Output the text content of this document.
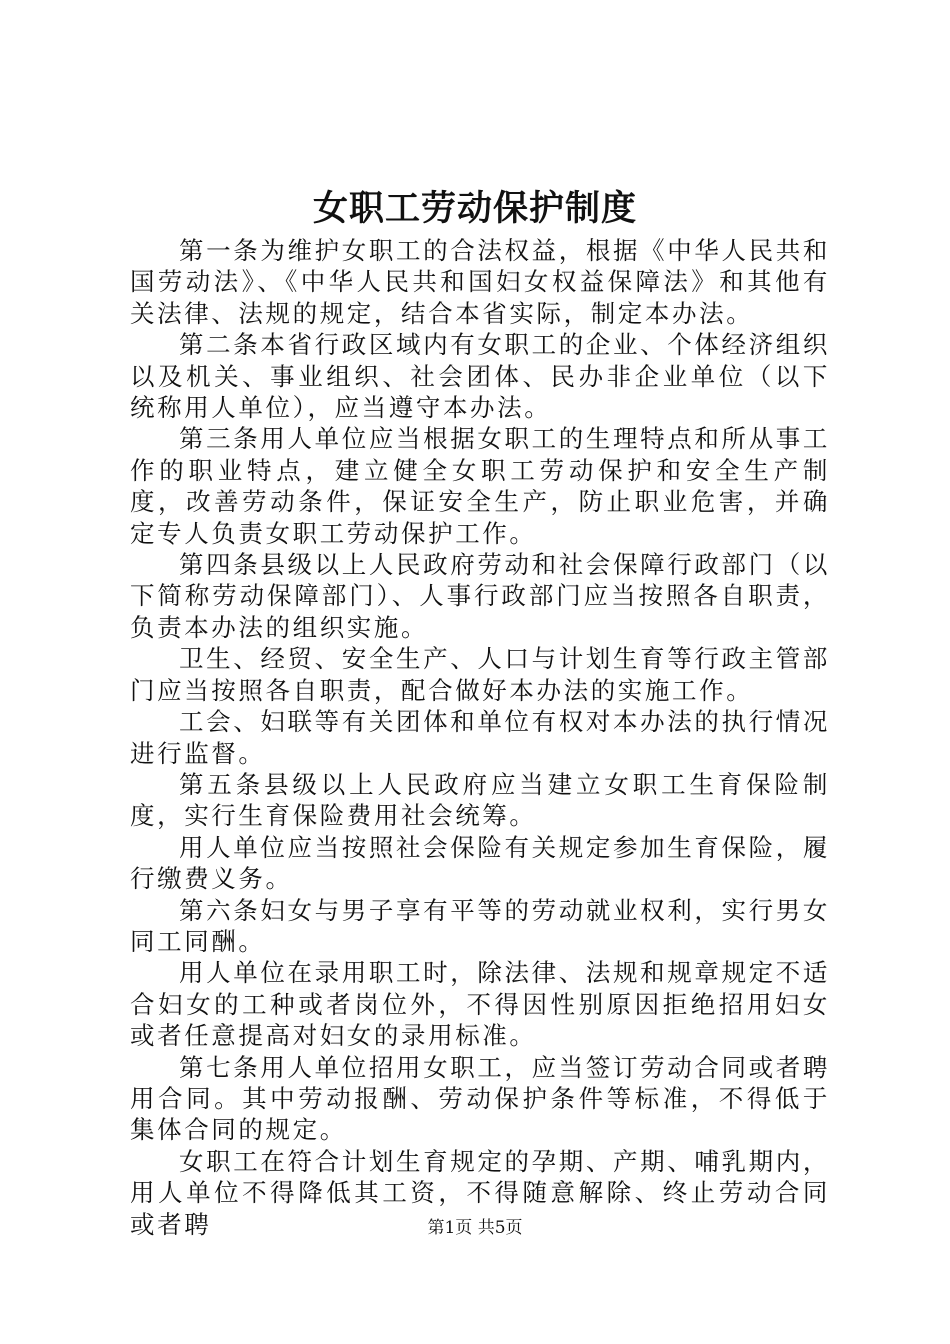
女职工劳动保护制度

第一条为维护女职工的合法权益，根据《中华人民共和国劳动法》、《中华人民共和国妇女权益保障法》和其他有关法律、法规的规定，结合本省实际，制定本办法。

第二条本省行政区域内有女职工的企业、个体经济组织以及机关、事业组织、社会团体、民办非企业单位（以下统称用人单位），应当遵守本办法。

第三条用人单位应当根据女职工的生理特点和所从事工作的职业特点，建立健全女职工劳动保护和安全生产制度，改善劳动条件，保证安全生产，防止职业危害，并确定专人负责女职工劳动保护工作。

第四条县级以上人民政府劳动和社会保障行政部门（以下简称劳动保障部门）、人事行政部门应当按照各自职责，负责本办法的组织实施。

卫生、经贸、安全生产、人口与计划生育等行政主管部门应当按照各自职责，配合做好本办法的实施工作。

工会、妇联等有关团体和单位有权对本办法的执行情况进行监督。

第五条县级以上人民政府应当建立女职工生育保险制度，实行生育保险费用社会统筹。

用人单位应当按照社会保险有关规定参加生育保险，履行缴费义务。

第六条妇女与男子享有平等的劳动就业权利，实行男女同工同酬。

用人单位在录用职工时，除法律、法规和规章规定不适合妇女的工种或者岗位外，不得因性别原因拒绝招用妇女或者任意提高对妇女的录用标准。

第七条用人单位招用女职工，应当签订劳动合同或者聘用合同。其中劳动报酬、劳动保护条件等标准，不得低于集体合同的规定。

女职工在符合计划生育规定的孕期、产期、哺乳期内，用人单位不得降低其工资，不得随意解除、终止劳动合同或者聘	第1页 共5页
